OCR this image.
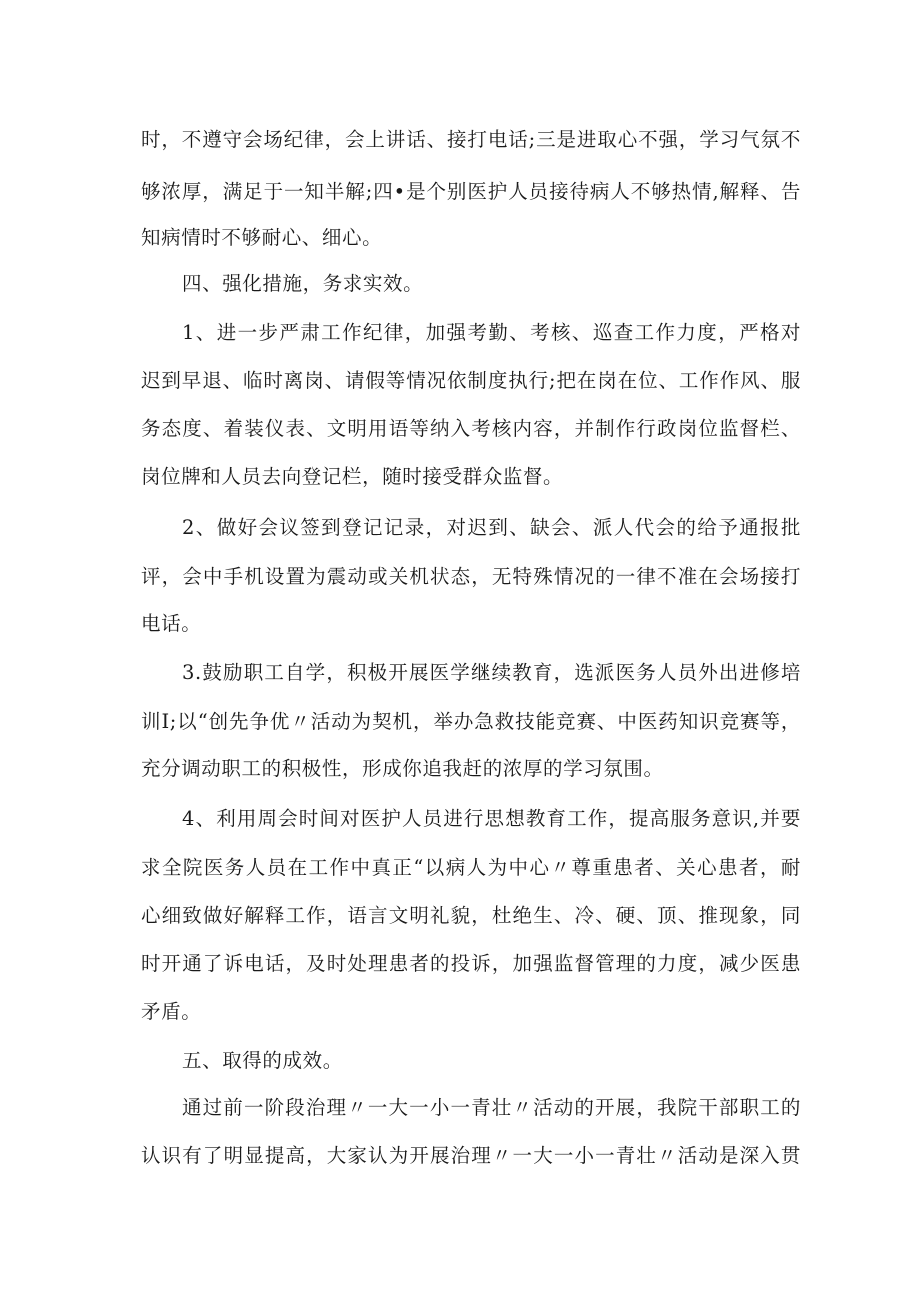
时，不遵守会场纪律，会上讲话、接打电话;三是进取心不强，学习气氛不
够浓厚，满足于一知半解;四•是个别医护人员接待病人不够热情,解释、告
知病情时不够耐心、细心。
四、强化措施，务求实效。
1、进一步严肃工作纪律，加强考勤、考核、巡查工作力度，严格对
迟到早退、临时离岗、请假等情况依制度执行;把在岗在位、工作作风、服
务态度、着装仪表、文明用语等纳入考核内容，并制作行政岗位监督栏、
岗位牌和人员去向登记栏，随时接受群众监督。
2、做好会议签到登记记录，对迟到、缺会、派人代会的给予通报批
评，会中手机设置为震动或关机状态，无特殊情况的一律不准在会场接打
电话。
3.鼓励职工自学，积极开展医学继续教育，选派医务人员外出进修培
训I;以“创先争优〃活动为契机，举办急救技能竞赛、中医药知识竞赛等，
充分调动职工的积极性，形成你追我赶的浓厚的学习氛围。
4、利用周会时间对医护人员进行思想教育工作，提高服务意识,并要
求全院医务人员在工作中真正“以病人为中心〃尊重患者、关心患者，耐
心细致做好解释工作，语言文明礼貌，杜绝生、冷、硬、顶、推现象，同
时开通了诉电话，及时处理患者的投诉，加强监督管理的力度，减少医患
矛盾。
五、取得的成效。
通过前一阶段治理〃一大一小一青壮〃活动的开展，我院干部职工的
认识有了明显提高，大家认为开展治理〃一大一小一青壮〃活动是深入贯
